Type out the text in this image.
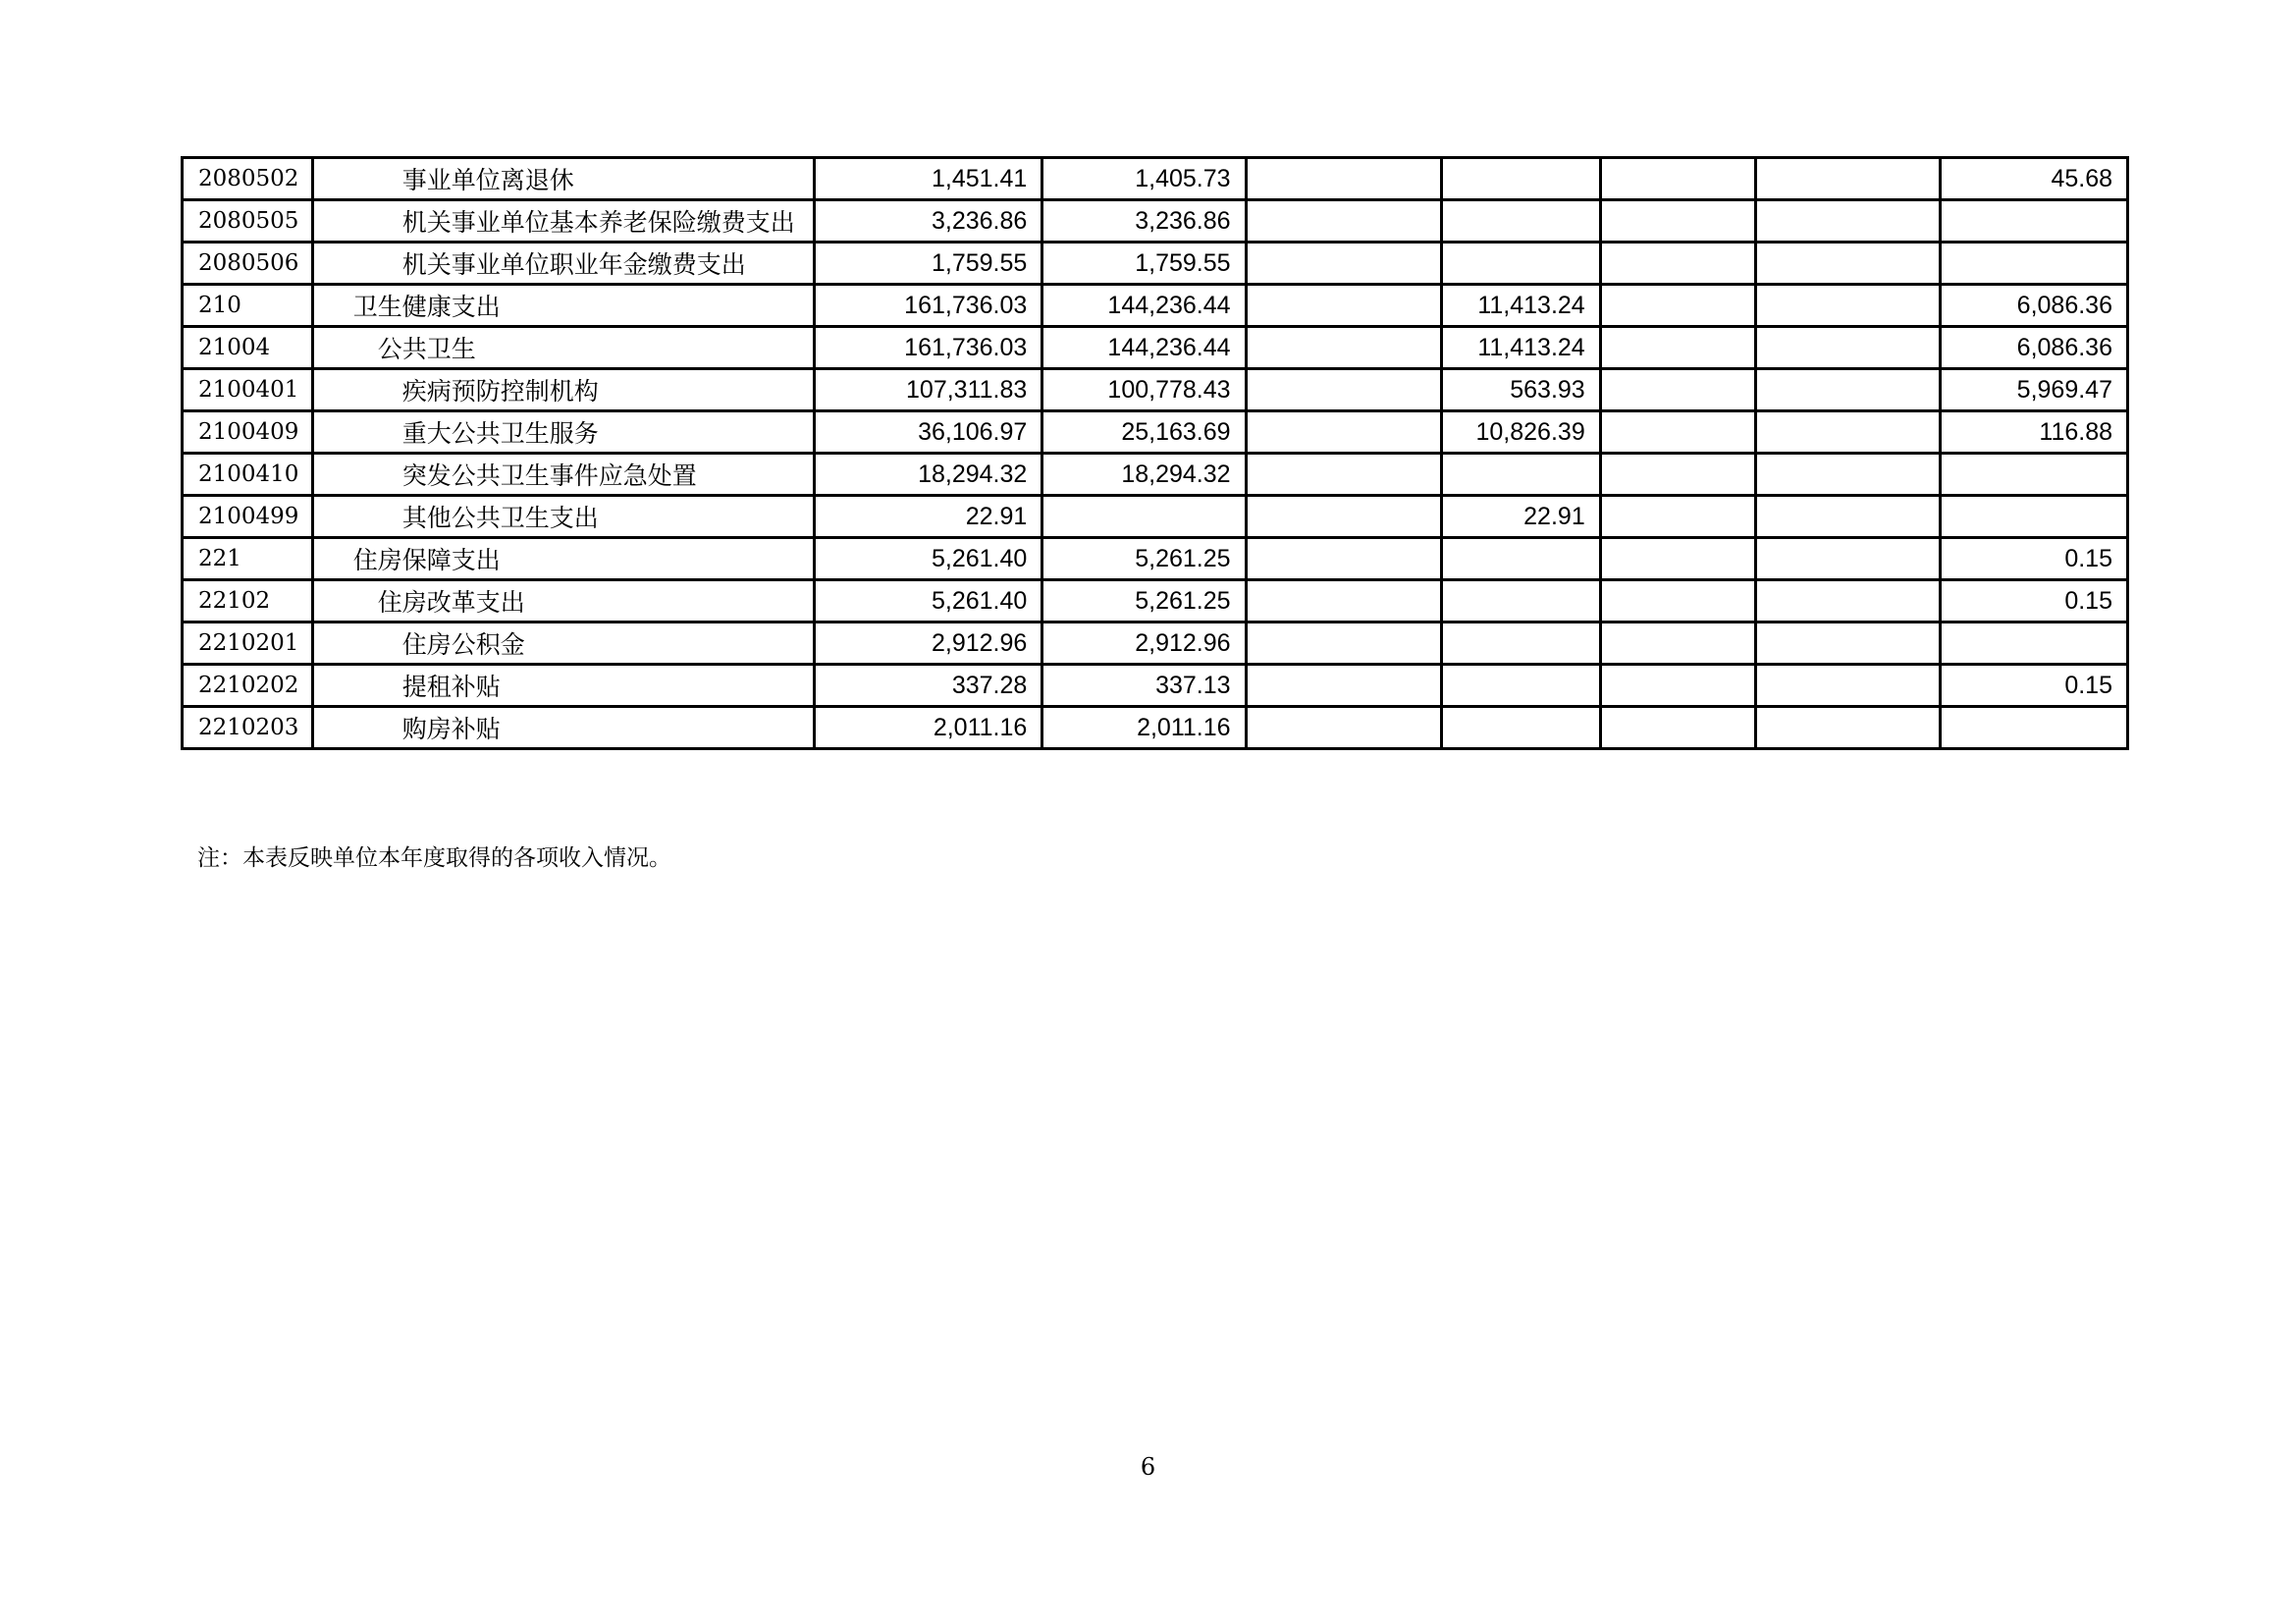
2080502	事业单位离退休	1,451.41	1,405.73					45.68
2080505	机关事业单位基本养老保险缴费支出	3,236.86	3,236.86					
2080506	机关事业单位职业年金缴费支出	1,759.55	1,759.55					
210	卫生健康支出	161,736.03	144,236.44		11,413.24			6,086.36
21004	公共卫生	161,736.03	144,236.44		11,413.24			6,086.36
2100401	疾病预防控制机构	107,311.83	100,778.43		563.93			5,969.47
2100409	重大公共卫生服务	36,106.97	25,163.69		10,826.39			116.88
2100410	突发公共卫生事件应急处置	18,294.32	18,294.32					
2100499	其他公共卫生支出	22.91			22.91			
221	住房保障支出	5,261.40	5,261.25					0.15
22102	住房改革支出	5,261.40	5,261.25					0.15
2210201	住房公积金	2,912.96	2,912.96					
2210202	提租补贴	337.28	337.13					0.15
2210203	购房补贴	2,011.16	2,011.16					
注：本表反映单位本年度取得的各项收入情况。
6
